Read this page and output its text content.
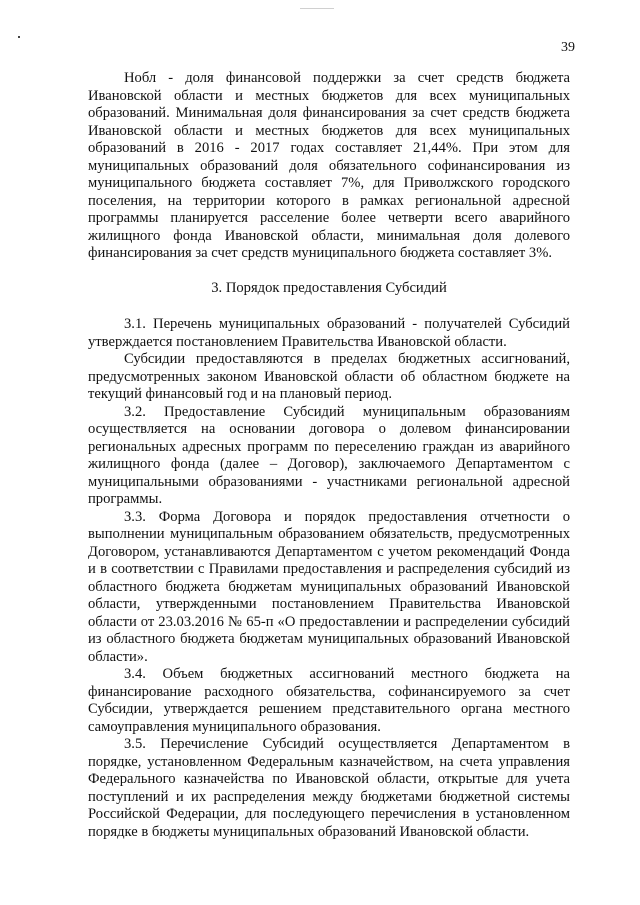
39

Нобл - доля финансовой поддержки за счет средств бюджета Ивановской области и местных бюджетов для всех муниципальных образований. Минимальная доля финансирования за счет средств бюджета Ивановской области и местных бюджетов для всех муниципальных образований в 2016 - 2017 годах составляет 21,44%. При этом для муниципальных образований доля обязательного софинансирования из муниципального бюджета составляет 7%, для Приволжского городского поселения, на территории которого в рамках региональной адресной программы планируется расселение более четверти всего аварийного жилищного фонда Ивановской области, минимальная доля долевого финансирования за счет средств муниципального бюджета составляет 3%.

3. Порядок предоставления Субсидий

3.1. Перечень муниципальных образований - получателей Субсидий утверждается постановлением Правительства Ивановской области.

Субсидии предоставляются в пределах бюджетных ассигнований, предусмотренных законом Ивановской области об областном бюджете на текущий финансовый год и на плановый период.

3.2. Предоставление Субсидий муниципальным образованиям осуществляется на основании договора о долевом финансировании региональных адресных программ по переселению граждан из аварийного жилищного фонда (далее – Договор), заключаемого Департаментом с муниципальными образованиями - участниками региональной адресной программы.

3.3. Форма Договора и порядок предоставления отчетности о выполнении муниципальным образованием обязательств, предусмотренных Договором, устанавливаются Департаментом с учетом рекомендаций Фонда и в соответствии с Правилами предоставления и распределения субсидий из областного бюджета бюджетам муниципальных образований Ивановской области, утвержденными постановлением Правительства Ивановской области от 23.03.2016 № 65-п «О предоставлении и распределении субсидий из областного бюджета бюджетам муниципальных образований Ивановской области».

3.4. Объем бюджетных ассигнований местного бюджета на финансирование расходного обязательства, софинансируемого за счет Субсидии, утверждается решением представительного органа местного самоуправления муниципального образования.

3.5. Перечисление Субсидий осуществляется Департаментом в порядке, установленном Федеральным казначейством, на счета управления Федерального казначейства по Ивановской области, открытые для учета поступлений и их распределения между бюджетами бюджетной системы Российской Федерации, для последующего перечисления в установленном порядке в бюджеты муниципальных образований Ивановской области.
